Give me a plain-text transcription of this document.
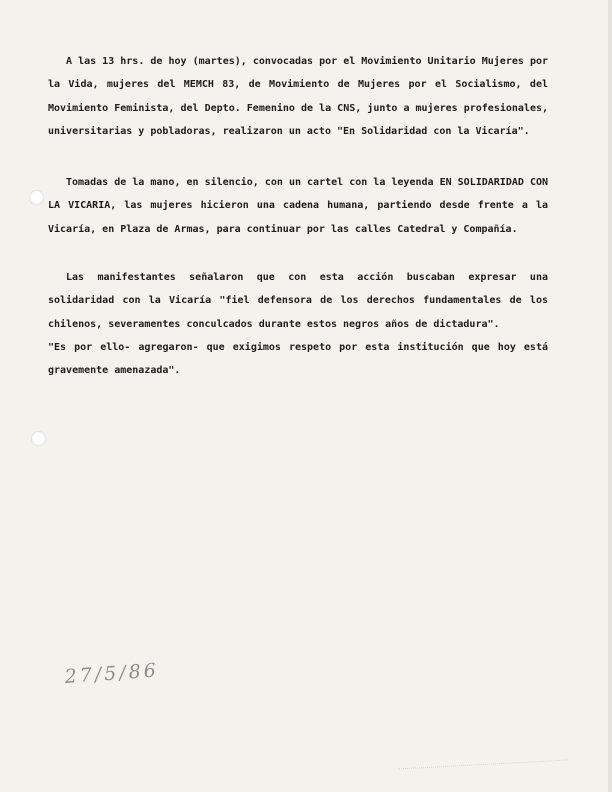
A las 13 hrs. de hoy (martes), convocadas por el Movimiento Unitario Mujeres por la Vida, mujeres del MEMCH 83, de Movimiento de Mujeres por el Socialismo, del Movimiento Feminista, del Depto. Femenino de la CNS, junto a mujeres profesionales, universitarias y pobladoras, realizaron un acto "En Solidaridad con la Vicaría".

Tomadas de la mano, en silencio, con un cartel con la leyenda EN SOLIDARIDAD CON LA VICARIA, las mujeres hicieron una cadena humana, partiendo desde frente a la Vicaría, en Plaza de Armas, para continuar por las calles Catedral y Compañía.

Las manifestantes señalaron que con esta acción buscaban expresar una solidaridad con la Vicaría "fiel defensora de los derechos fundamentales de los chilenos, severamentes conculcados durante estos negros años de dictadura".

"Es por ello- agregaron- que exigimos respeto por esta institución que hoy está gravemente amenazada".

27/5/86
